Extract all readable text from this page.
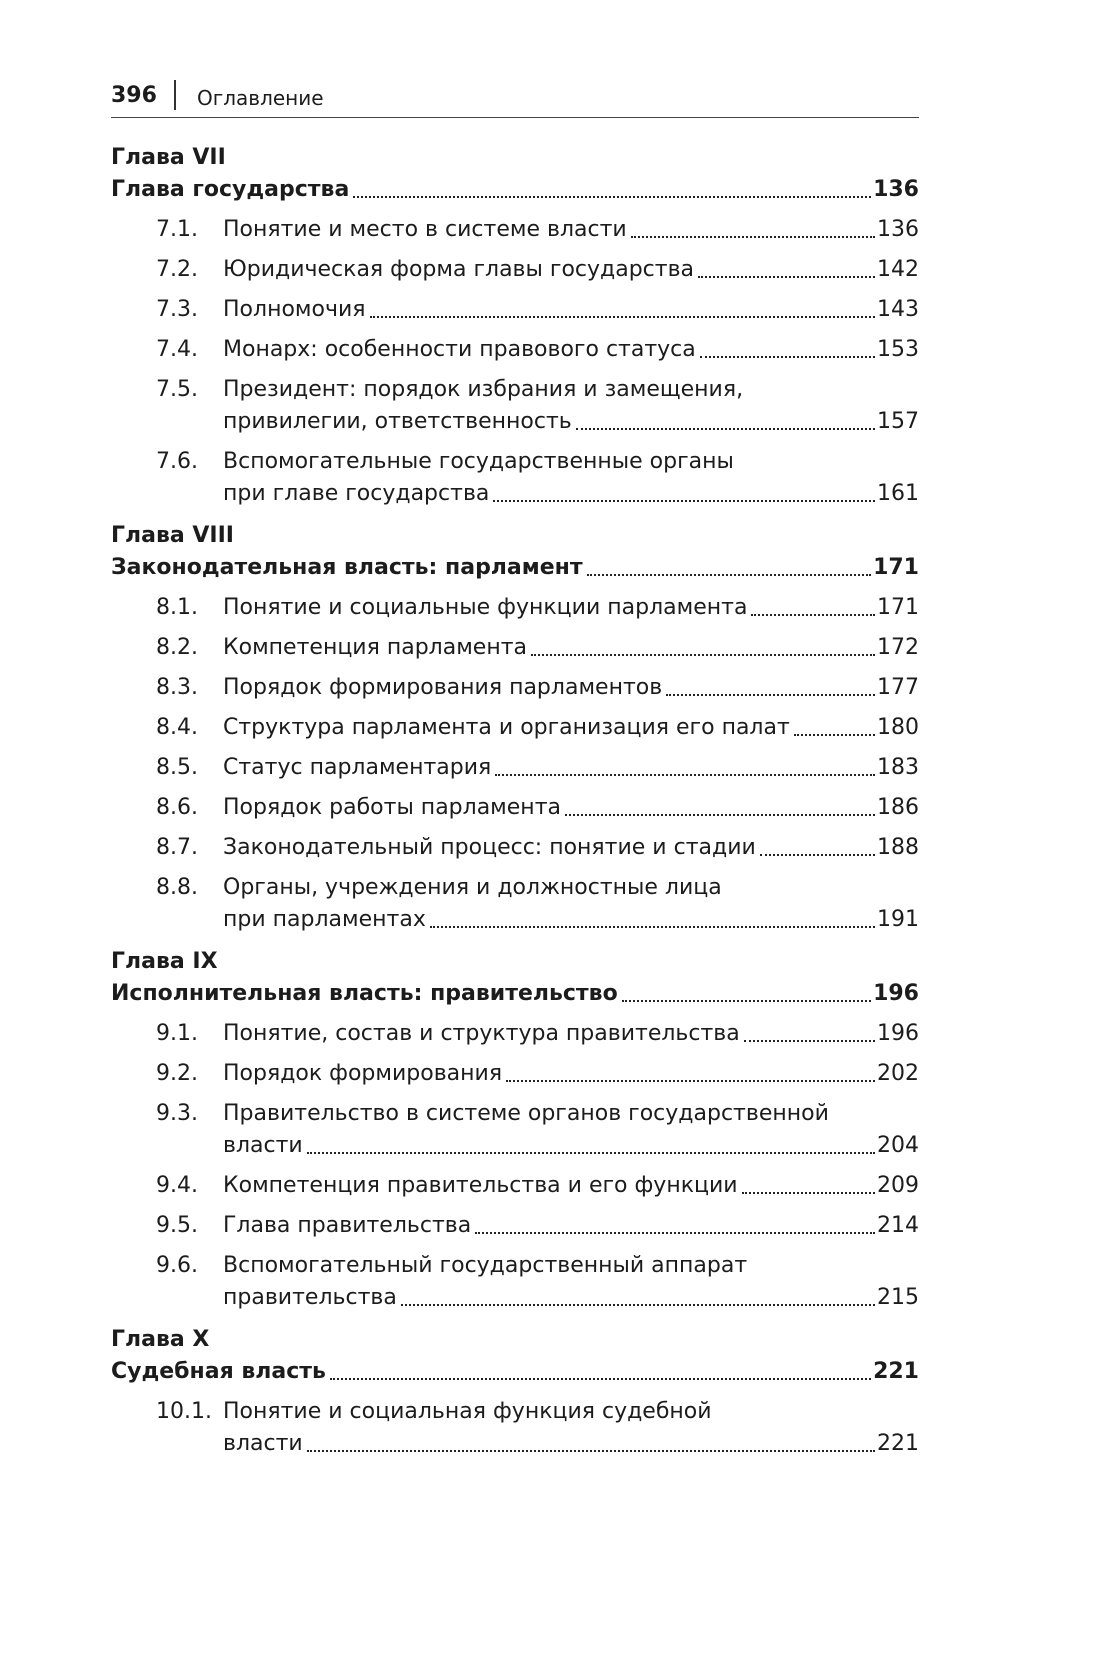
396 Оглавление
Глава VII
Глава государства	136
7.1.	Понятие и место в системе власти	136
7.2.	Юридическая форма главы государства	142
7.3.	Полномочия	143
7.4.	Монарх: особенности правового статуса	153
7.5.	Президент: порядок избрания и замещения,
привилегии, ответственность	157
7.6.	Вспомогательные государственные органы
при главе государства	161
Глава VIII
Законодательная власть: парламент	171
8.1.	Понятие и социальные функции парламента	171
8.2.	Компетенция парламента	172
8.3.	Порядок формирования парламентов	177
8.4.	Структура парламента и организация его палат	180
8.5.	Статус парламентария	183
8.6.	Порядок работы парламента	186
8.7.	Законодательный процесс: понятие и стадии	188
8.8.	Органы, учреждения и должностные лица
при парламентах	191
Глава IX
Исполнительная власть: правительство	196
9.1.	Понятие, состав и структура правительства	196
9.2.	Порядок формирования	202
9.3.	Правительство в системе органов государственной
власти	204
9.4.	Компетенция правительства и его функции	209
9.5.	Глава правительства	214
9.6.	Вспомогательный государственный аппарат
правительства	215
Глава X
Судебная власть	221
10.1. Понятие и социальная функция судебной
власти	221
